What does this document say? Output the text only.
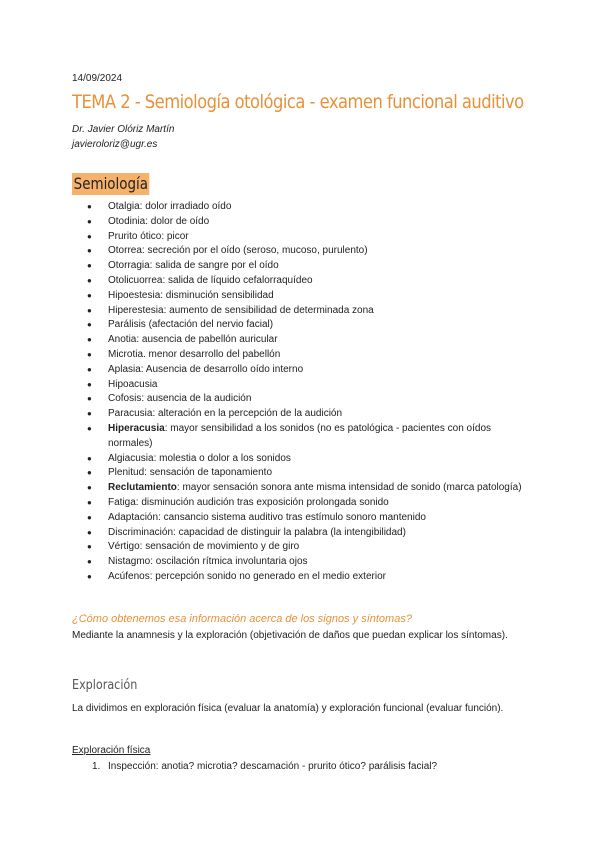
14/09/2024
TEMA 2 - Semiología otológica - examen funcional auditivo
Dr. Javier Olóriz Martín
javieroloriz@ugr.es
Semiología
● Otalgia: dolor irradiado oído
● Otodinia: dolor de oído
● Prurito ótico: picor
● Otorrea: secreción por el oído (seroso, mucoso, purulento)
● Otorragia: salida de sangre por el oído
● Otolicuorrea: salida de líquido cefalorraquídeo
● Hipoestesia: disminución sensibilidad
● Hiperestesia: aumento de sensibilidad de determinada zona
● Parálisis (afectación del nervio facial)
● Anotia: ausencia de pabellón auricular
● Microtia. menor desarrollo del pabellón
● Aplasia: Ausencia de desarrollo oído interno
● Hipoacusia
● Cofosis: ausencia de la audición
● Paracusia: alteración en la percepción de la audición
● Hiperacusia: mayor sensibilidad a los sonidos (no es patológica - pacientes con oídos normales)
● Algiacusia: molestia o dolor a los sonidos
● Plenitud: sensación de taponamiento
● Reclutamiento: mayor sensación sonora ante misma intensidad de sonido (marca patología)
● Fatiga: disminución audición tras exposición prolongada sonido
● Adaptación: cansancio sistema auditivo tras estímulo sonoro mantenido
● Discriminación: capacidad de distinguir la palabra (la intengibilidad)
● Vértigo: sensación de movimiento y de giro
● Nistagmo: oscilación rítmica involuntaria ojos
● Acúfenos: percepción sonido no generado en el medio exterior
¿Cómo obtenemos esa información acerca de los signos y síntomas?
Mediante la anamnesis y la exploración (objetivación de daños que puedan explicar los síntomas).
Exploración
La dividimos en exploración física (evaluar la anatomía) y exploración funcional (evaluar función).
Exploración física
1. Inspección: anotia? microtia? descamación - prurito ótico? parálisis facial?
